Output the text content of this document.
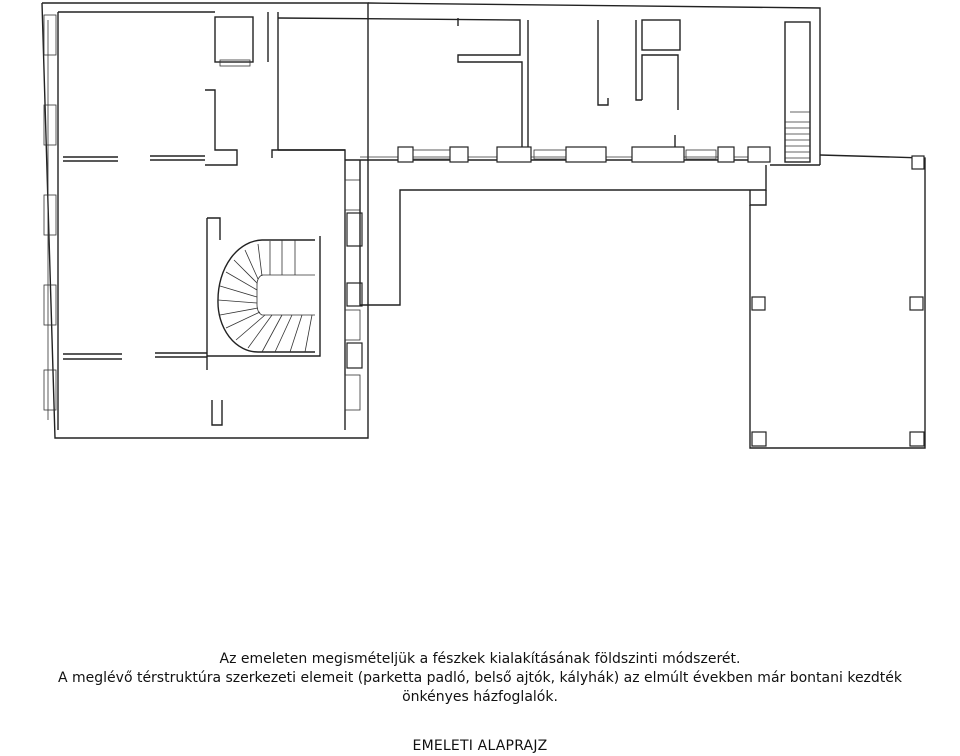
Az emeleten megismételjük a fészkek kialakításának földszinti módszerét.
A meglévő térstruktúra szerkezeti elemeit (parketta padló, belső ajtók, kályhák) az elmúlt években már bontani kezdték
önkényes házfoglalók.
EMELETI ALAPRAJZ
